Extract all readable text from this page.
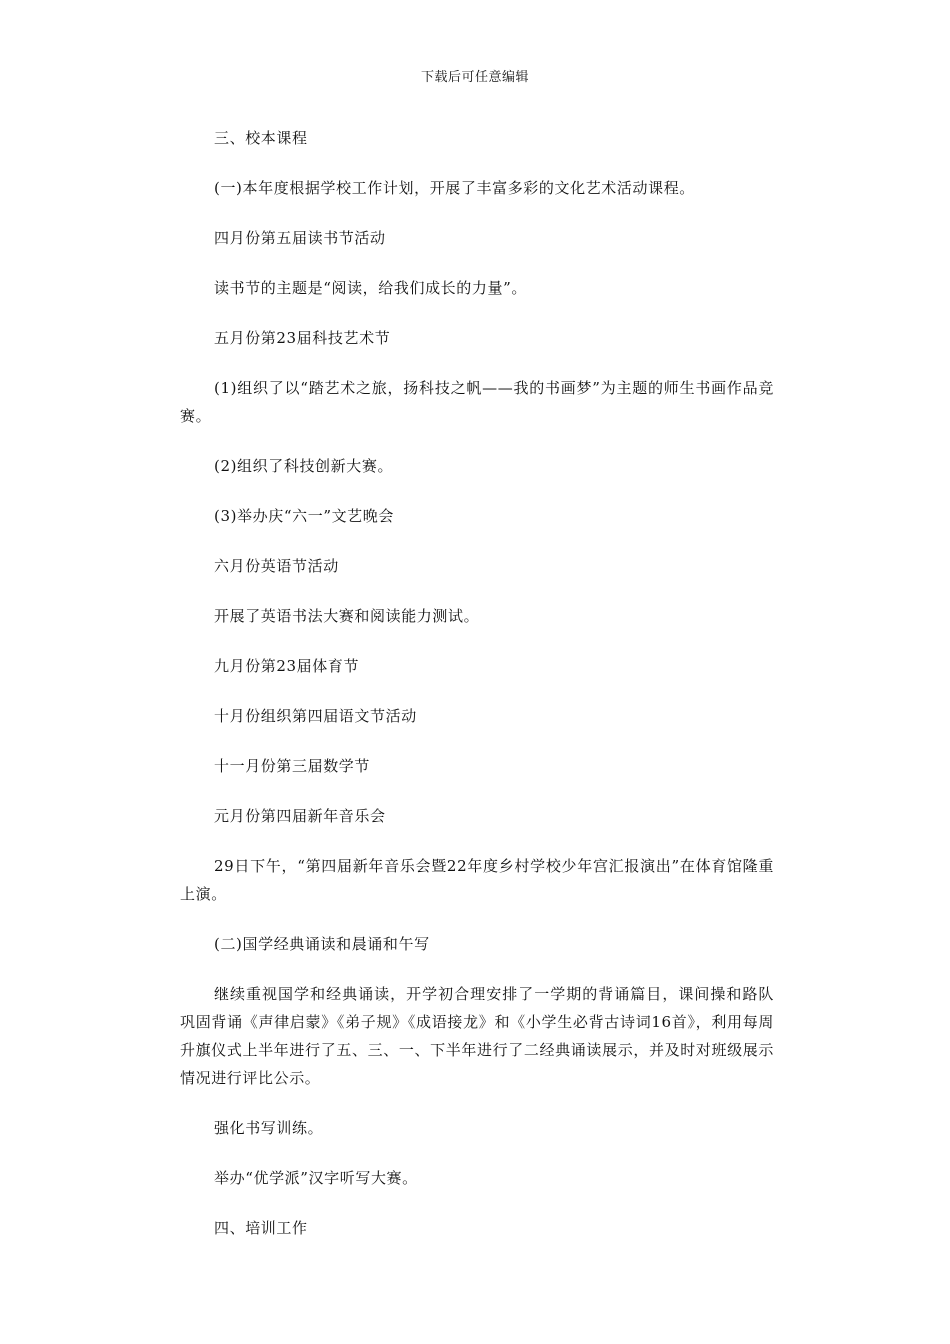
下载后可任意编辑

三、校本课程

(一)本年度根据学校工作计划，开展了丰富多彩的文化艺术活动课程。

四月份第五届读书节活动

读书节的主题是“阅读，给我们成长的力量”。

五月份第23届科技艺术节

(1)组织了以“踏艺术之旅，扬科技之帆——我的书画梦”为主题的师生书画作品竞赛。

(2)组织了科技创新大赛。

(3)举办庆“六一”文艺晚会

六月份英语节活动

开展了英语书法大赛和阅读能力测试。

九月份第23届体育节

十月份组织第四届语文节活动

十一月份第三届数学节

元月份第四届新年音乐会

29日下午，“第四届新年音乐会暨22年度乡村学校少年宫汇报演出”在体育馆隆重上演。

(二)国学经典诵读和晨诵和午写

继续重视国学和经典诵读，开学初合理安排了一学期的背诵篇目，课间操和路队巩固背诵《声律启蒙》《弟子规》《成语接龙》和《小学生必背古诗词16首》，利用每周升旗仪式上半年进行了五、三、一、下半年进行了二经典诵读展示，并及时对班级展示情况进行评比公示。

强化书写训练。

举办“优学派”汉字听写大赛。

四、培训工作
